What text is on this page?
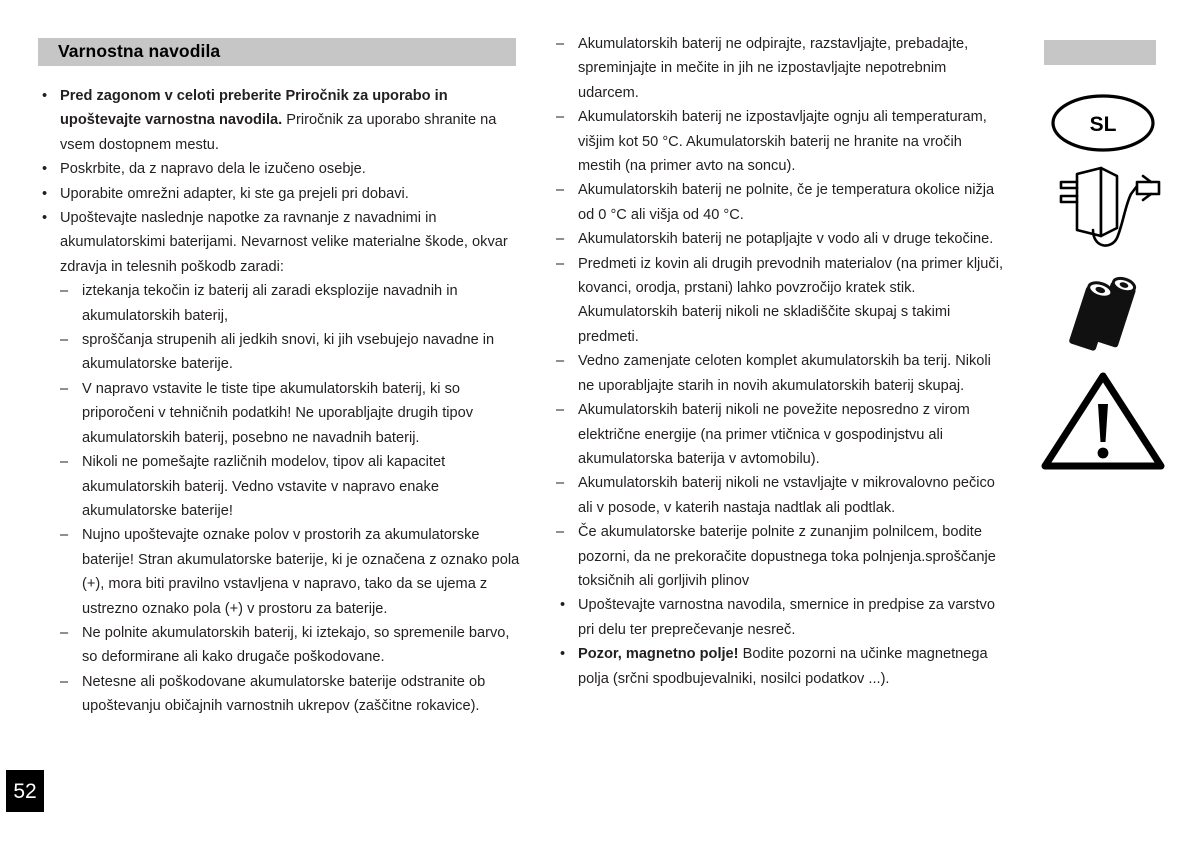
Varnostna navodila
• Pred zagonom v celoti preberite Priročnik za uporabo in upoštevajte varnostna navodila. Priročnik za uporabo shranite na vsem dostopnem mestu.
• Poskrbite, da z napravo dela le izučeno osebje.
• Uporabite omrežni adapter, ki ste ga prejeli pri dobavi.
• Upoštevajte naslednje napotke za ravnanje z navadnimi in akumulatorskimi baterijami. Nevarnost velike materialne škode, okvar zdravja in telesnih poškodb zaradi:
– iztekanja tekočin iz baterij ali zaradi eksplozije navadnih in akumulatorskih baterij,
– sproščanja strupenih ali jedkih snovi, ki jih vsebujejo navadne in akumulatorske baterije.
– V napravo vstavite le tiste tipe akumulatorskih baterij, ki so priporočeni v tehničnih podatkih! Ne uporabljajte drugih tipov akumulatorskih baterij, posebno ne navadnih baterij.
– Nikoli ne pomešajte različnih modelov, tipov ali kapacitet akumulatorskih baterij. Vedno vstavite v napravo enake akumulatorske baterije!
– Nujno upoštevajte oznake polov v prostorih za akumulatorske baterije! Stran akumulatorske baterije, ki je označena z oznako pola (+), mora biti pravilno vstavljena v napravo, tako da se ujema z ustrezno oznako pola (+) v prostoru za baterije.
– Ne polnite akumulatorskih baterij, ki iztekajo, so spremenile barvo, so deformirane ali kako drugače poškodovane.
– Netesne ali poškodovane akumulatorske baterije odstranite ob upoštevanju običajnih varnostnih ukrepov (zaščitne rokavice).
– Akumulatorskih baterij ne odpirajte, razstavljajte, prebadajte, spreminjajte in mečite in jih ne izpostavljajte nepotrebnim udarcem.
– Akumulatorskih baterij ne izpostavljajte ognju ali temperaturam, višjim kot 50 °C. Akumulatorskih baterij ne hranite na vročih mestih (na primer avto na soncu).
– Akumulatorskih baterij ne polnite, če je temperatura okolice nižja od 0 °C ali višja od 40 °C.
– Akumulatorskih baterij ne potapljajte v vodo ali v druge tekočine.
– Predmeti iz kovin ali drugih prevodnih materialov (na primer ključi, kovanci, orodja, prstani) lahko povzročijo kratek stik. Akumulatorskih baterij nikoli ne skladiščite skupaj s takimi predmeti.
– Vedno zamenjate celoten komplet akumulatorskih ba terij. Nikoli ne uporabljajte starih in novih akumulatorskih baterij skupaj.
– Akumulatorskih baterij nikoli ne povežite neposredno z virom električne energije (na primer vtičnica v gospodinjstvu ali akumulatorska baterija v avtomobilu).
– Akumulatorskih baterij nikoli ne vstavljajte v mikrovalovno pečico ali v posode, v katerih nastaja nadtlak ali podtlak.
– Če akumulatorske baterije polnite z zunanjim polnilcem, bodite pozorni, da ne prekoračite dopustnega toka polnjenja.sproščanje toksičnih ali gorljivih plinov
• Upoštevajte varnostna navodila, smernice in predpise za varstvo pri delu ter preprečevanje nesreč.
• Pozor, magnetno polje! Bodite pozorni na učinke magnetnega polja (srčni spodbujevalniki, nosilci podatkov ...).
52
SL
